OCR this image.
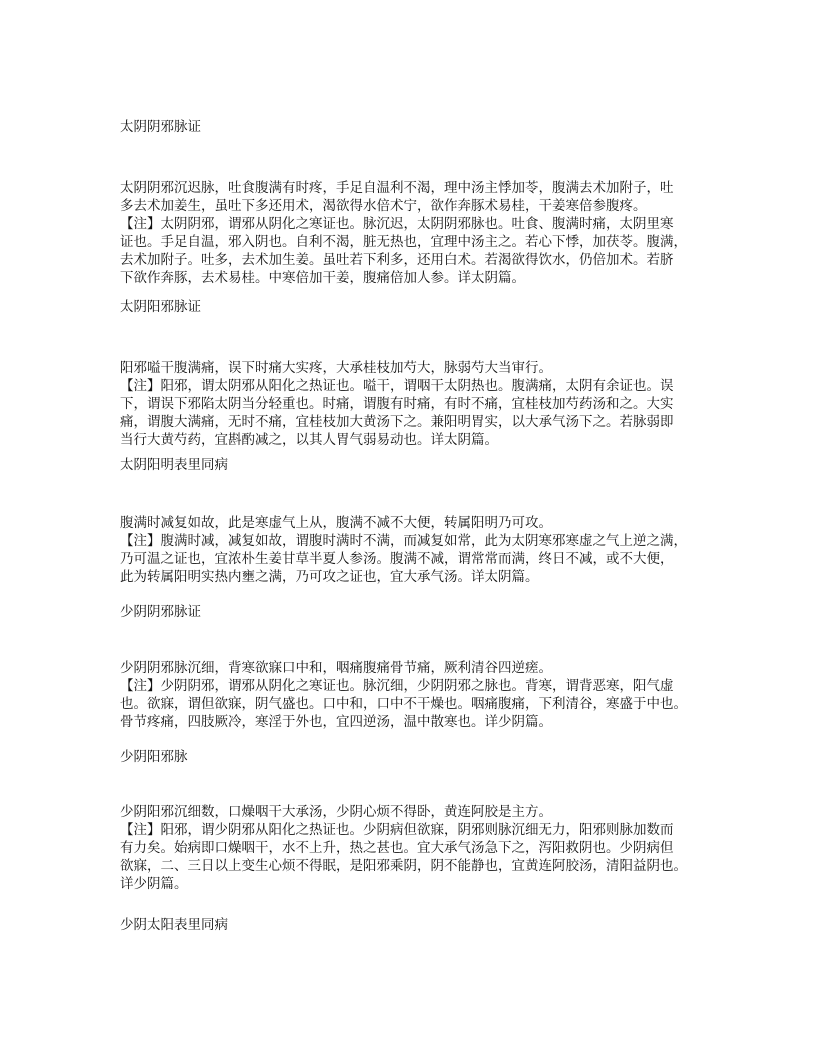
太阴阴邪脉证
太阴阴邪沉迟脉，吐食腹满有时疼，手足自温利不渴，理中汤主悸加苓，腹满去术加附子，吐
多去术加姜生，虽吐下多还用术，渴欲得水倍术宁，欲作奔豚术易桂，干姜寒倍参腹疼。
【注】太阴阴邪，谓邪从阴化之寒证也。脉沉迟，太阴阴邪脉也。吐食、腹满时痛，太阴里寒
证也。手足自温，邪入阴也。自利不渴，脏无热也，宜理中汤主之。若心下悸，加茯苓。腹满，
去术加附子。吐多，去术加生姜。虽吐若下利多，还用白术。若渴欲得饮水，仍倍加术。若脐
下欲作奔豚，去术易桂。中寒倍加干姜，腹痛倍加人参。详太阴篇。
太阴阳邪脉证
阳邪嗌干腹满痛，误下时痛大实疼，大承桂枝加芍大，脉弱芍大当审行。
【注】阳邪，谓太阴邪从阳化之热证也。嗌干，谓咽干太阴热也。腹满痛，太阴有余证也。误
下，谓误下邪陷太阴当分轻重也。时痛，谓腹有时痛，有时不痛，宜桂枝加芍药汤和之。大实
痛，谓腹大满痛，无时不痛，宜桂枝加大黄汤下之。兼阳明胃实，以大承气汤下之。若脉弱即
当行大黄芍药，宜斟酌减之，以其人胃气弱易动也。详太阴篇。
太阴阳明表里同病
腹满时减复如故，此是寒虚气上从，腹满不减不大便，转属阳明乃可攻。
【注】腹满时减，减复如故，谓腹时满时不满，而减复如常，此为太阴寒邪寒虚之气上逆之满，
乃可温之证也，宜浓朴生姜甘草半夏人参汤。腹满不减，谓常常而满，终日不减，或不大便，
此为转属阳明实热内壅之满，乃可攻之证也，宜大承气汤。详太阴篇。
少阴阴邪脉证
少阴阴邪脉沉细，背寒欲寐口中和，咽痛腹痛骨节痛，厥利清谷四逆瘥。
【注】少阴阴邪，谓邪从阴化之寒证也。脉沉细，少阴阴邪之脉也。背寒，谓背恶寒，阳气虚
也。欲寐，谓但欲寐，阴气盛也。口中和，口中不干燥也。咽痛腹痛，下利清谷，寒盛于中也。
骨节疼痛，四肢厥冷，寒淫于外也，宜四逆汤，温中散寒也。详少阴篇。
少阴阳邪脉
少阴阳邪沉细数，口燥咽干大承汤，少阴心烦不得卧，黄连阿胶是主方。
【注】阳邪，谓少阴邪从阳化之热证也。少阴病但欲寐，阴邪则脉沉细无力，阳邪则脉加数而
有力矣。始病即口燥咽干，水不上升，热之甚也。宜大承气汤急下之，泻阳救阴也。少阴病但
欲寐，二、三日以上变生心烦不得眠，是阳邪乘阴，阴不能静也，宜黄连阿胶汤，清阳益阴也。
详少阴篇。
少阴太阳表里同病
